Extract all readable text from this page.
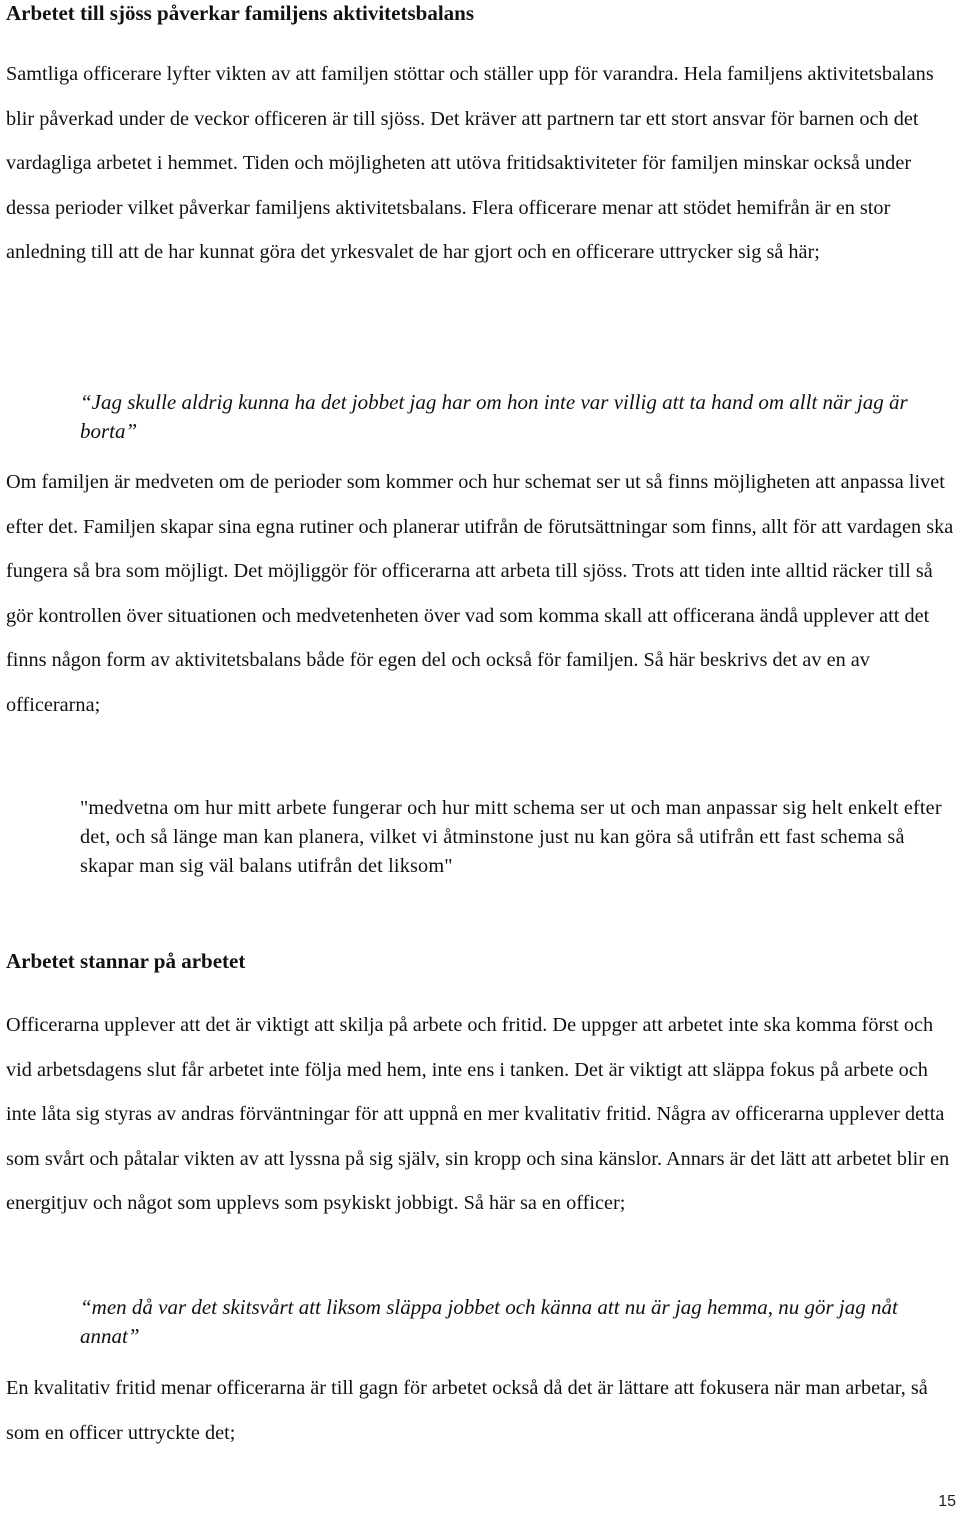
Arbetet till sjöss påverkar familjens aktivitetsbalans

Samtliga officerare lyfter vikten av att familjen stöttar och ställer upp för varandra. Hela familjens aktivitetsbalans blir påverkad under de veckor officeren är till sjöss. Det kräver att partnern tar ett stort ansvar för barnen och det vardagliga arbetet i hemmet. Tiden och möjligheten att utöva fritidsaktiviteter för familjen minskar också under dessa perioder vilket påverkar familjens aktivitetsbalans. Flera officerare menar att stödet hemifrån är en stor anledning till att de har kunnat göra det yrkesvalet de har gjort och en officerare uttrycker sig så här;

“Jag skulle aldrig kunna ha det jobbet jag har om hon inte var villig att ta hand om allt när jag är borta”

Om familjen är medveten om de perioder som kommer och hur schemat ser ut så finns möjligheten att anpassa livet efter det. Familjen skapar sina egna rutiner och planerar utifrån de förutsättningar som finns, allt för att vardagen ska fungera så bra som möjligt. Det möjliggör för officerarna att arbeta till sjöss. Trots att tiden inte alltid räcker till så gör kontrollen över situationen och medvetenheten över vad som komma skall att officerana ändå upplever att det finns någon form av aktivitetsbalans både för egen del och också för familjen. Så här beskrivs det av en av officerarna;

"medvetna om hur mitt arbete fungerar och hur mitt schema ser ut och man anpassar sig helt enkelt efter det, och så länge man kan planera, vilket vi åtminstone just nu kan göra så utifrån ett fast schema så skapar man sig väl balans utifrån det liksom"

Arbetet stannar på arbetet

Officerarna upplever att det är viktigt att skilja på arbete och fritid. De uppger att arbetet inte ska komma först och vid arbetsdagens slut får arbetet inte följa med hem, inte ens i tanken. Det är viktigt att släppa fokus på arbete och inte låta sig styras av andras förväntningar för att uppnå en mer kvalitativ fritid. Några av officerarna upplever detta som svårt och påtalar vikten av att lyssna på sig själv, sin kropp och sina känslor. Annars är det lätt att arbetet blir en energitjuv och något som upplevs som psykiskt jobbigt. Så här sa en officer;

“men då var det skitsvårt att liksom släppa jobbet och känna att nu är jag hemma, nu gör jag nåt annat”

En kvalitativ fritid menar officerarna är till gagn för arbetet också då det är lättare att fokusera när man arbetar, så som en officer uttryckte det;

15
